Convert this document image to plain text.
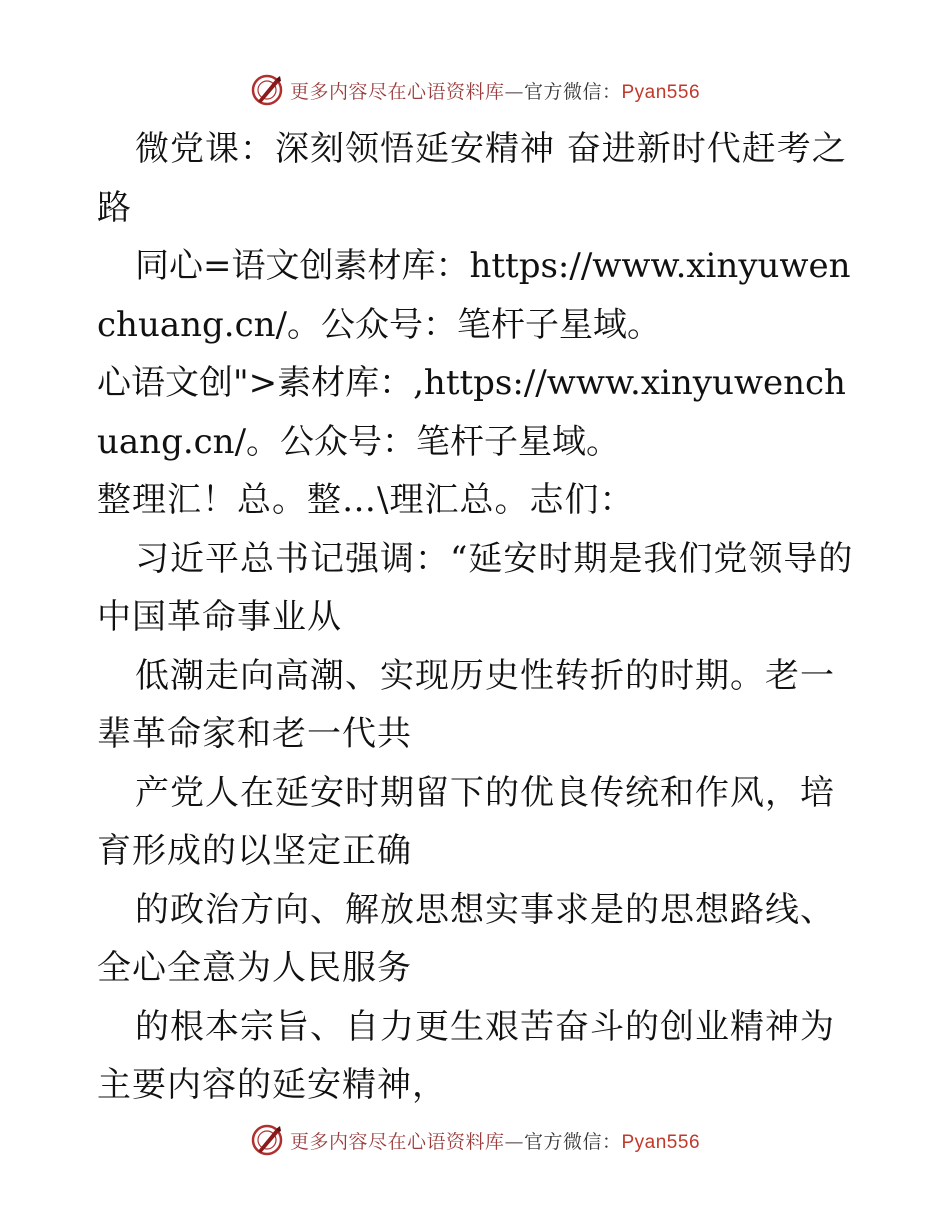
更多内容尽在心语资料库—官方微信：Pyan556

微党课：深刻领悟延安精神 奋进新时代赶考之路

同心=语文创素材库：https://www.xinyuwenchuang.cn/。公众号：笔杆子星域。

心语文创">素材库：,https://www.xinyuwenchuang.cn/。公众号：笔杆子星域。

整理汇！总。整…\理汇总。志们：

习近平总书记强调：“延安时期是我们党领导的中国革命事业从

低潮走向高潮、实现历史性转折的时期。老一辈革命家和老一代共

产党人在延安时期留下的优良传统和作风，培育形成的以坚定正确

的政治方向、解放思想实事求是的思想路线、全心全意为人民服务

的根本宗旨、自力更生艰苦奋斗的创业精神为主要内容的延安精神，

更多内容尽在心语资料库—官方微信：Pyan556
